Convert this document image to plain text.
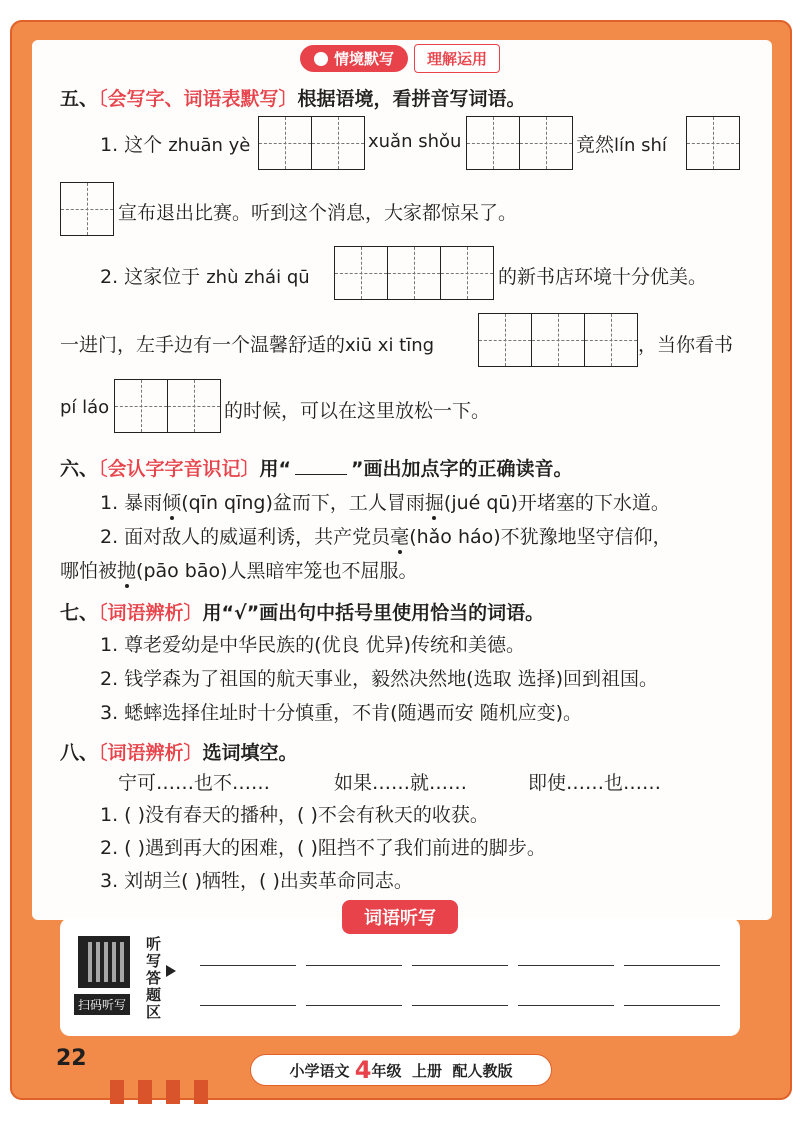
情境默写 理解运用
五、〔会写字、词语表默写〕根据语境，看拼音写词语。
1. 这个 zhuān yè	xuǎn shǒu	竟然lín shí
宣布退出比赛。听到这个消息，大家都惊呆了。
2. 这家位于 zhù zhái qū	的新书店环境十分优美。
一进门，左手边有一个温馨舒适的xiū xi tīng	，当你看书
pí láo	的时候，可以在这里放松一下。
六、〔会认字字音识记〕用“	”画出加点字的正确读音。
1. 暴雨倾(qīn qīng)盆而下，工人冒雨掘(jué qū)开堵塞的下水道。
2. 面对敌人的威逼利诱，共产党员毫(hǎo háo)不犹豫地坚守信仰，
哪怕被抛(pāo bāo)人黑暗牢笼也不屈服。
七、〔词语辨析〕用“√”画出句中括号里使用恰当的词语。
1. 尊老爱幼是中华民族的(优良 优异)传统和美德。
2. 钱学森为了祖国的航天事业，毅然决然地(选取 选择)回到祖国。
3. 蟋蟀选择住址时十分慎重，不肯(随遇而安 随机应变)。
八、〔词语辨析〕选词填空。
宁可……也不……	如果……就……	即使……也……
1. ( )没有春天的播种，( )不会有秋天的收获。
2. ( )遇到再大的困难，( )阻挡不了我们前进的脚步。
3. 刘胡兰( )牺牲，( )出卖革命同志。
词语听写
扫码听写
听写答题区
22	小学语文 4年级 上册 配人教版
